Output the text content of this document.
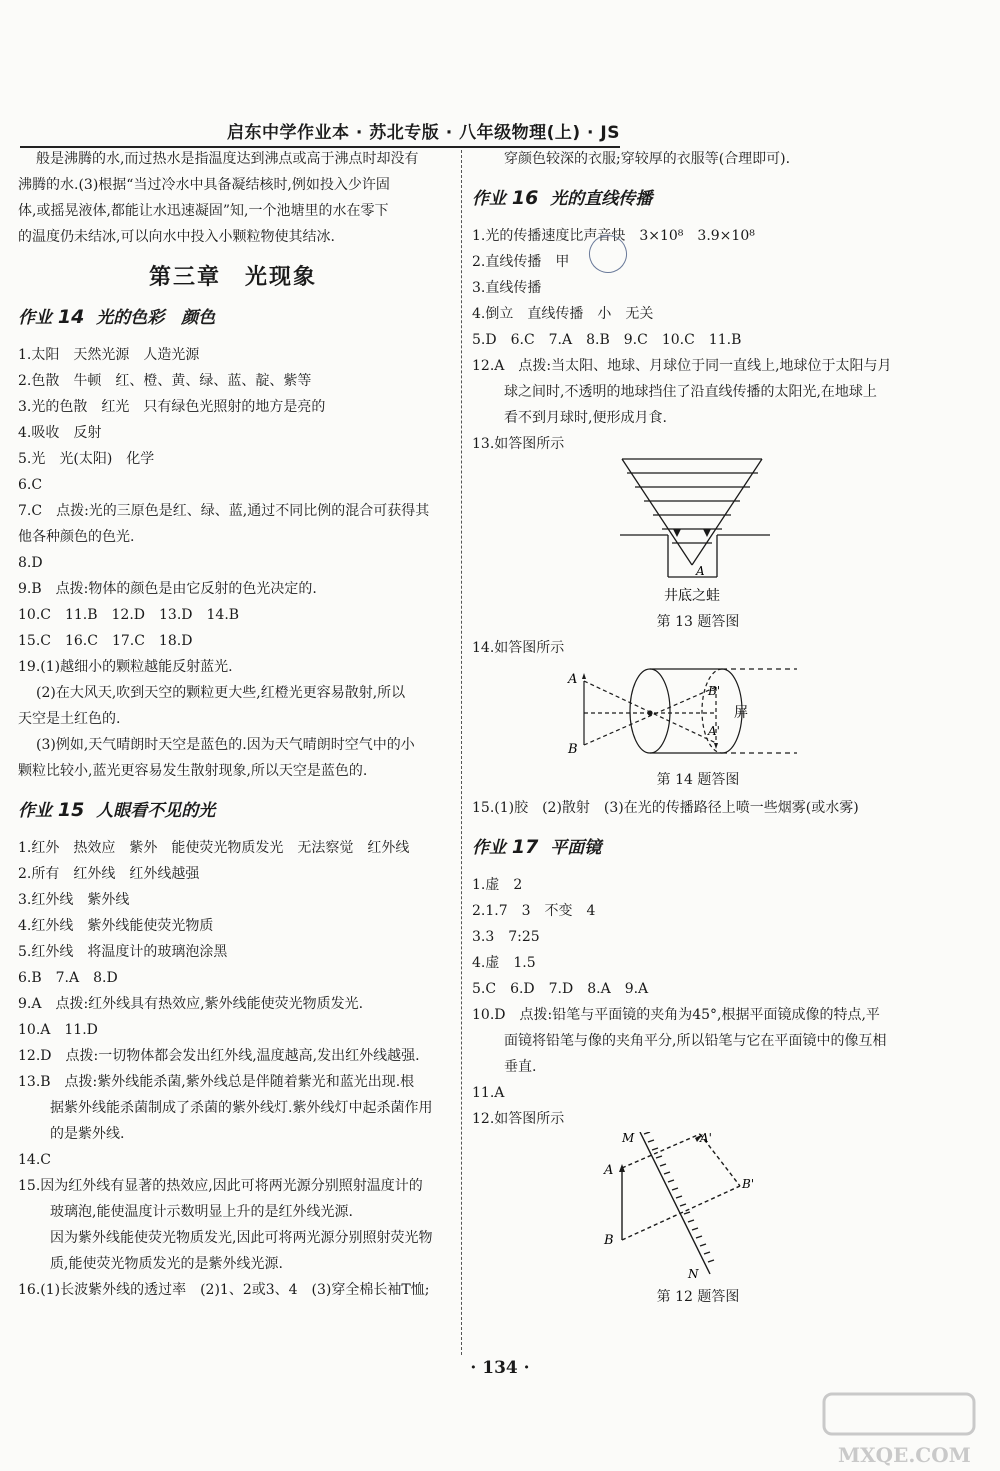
启东中学作业本 · 苏北专版 · 八年级物理(上) · JS
般是沸腾的水,而过热水是指温度达到沸点或高于沸点时却没有
沸腾的水.(3)根据“当过冷水中具备凝结核时,例如投入少许固
体,或摇晃液体,都能让水迅速凝固”知,一个池塘里的水在零下
的温度仍未结冰,可以向水中投入小颗粒物使其结冰.
第三章　光现象
作业 14 光的色彩　颜色
1.太阳　天然光源　人造光源
2.色散　牛顿　红、橙、黄、绿、蓝、靛、紫等
3.光的色散　红光　只有绿色光照射的地方是亮的
4.吸收　反射
5.光　光(太阳)　化学
6.C
7.C　点拨:光的三原色是红、绿、蓝,通过不同比例的混合可获得其
他各种颜色的色光.
8.D
9.B　点拨:物体的颜色是由它反射的色光决定的.
10.C　11.B　12.D　13.D　14.B
15.C　16.C　17.C　18.D
19.(1)越细小的颗粒越能反射蓝光.
(2)在大风天,吹到天空的颗粒更大些,红橙光更容易散射,所以
天空是土红色的.
(3)例如,天气晴朗时天空是蓝色的.因为天气晴朗时空气中的小
颗粒比较小,蓝光更容易发生散射现象,所以天空是蓝色的.
作业 15 人眼看不见的光
1.红外　热效应　紫外　能使荧光物质发光　无法察觉　红外线
2.所有　红外线　红外线越强
3.红外线　紫外线
4.红外线　紫外线能使荧光物质
5.红外线　将温度计的玻璃泡涂黑
6.B　7.A　8.D
9.A　点拨:红外线具有热效应,紫外线能使荧光物质发光.
10.A　11.D
12.D　点拨:一切物体都会发出红外线,温度越高,发出红外线越强.
13.B　点拨:紫外线能杀菌,紫外线总是伴随着紫光和蓝光出现.根
据紫外线能杀菌制成了杀菌的紫外线灯.紫外线灯中起杀菌作用
的是紫外线.
14.C
15.因为红外线有显著的热效应,因此可将两光源分别照射温度计的
玻璃泡,能使温度计示数明显上升的是红外线光源.
因为紫外线能使荧光物质发光,因此可将两光源分别照射荧光物
质,能使荧光物质发光的是紫外线光源.
16.(1)长波紫外线的透过率　(2)1、2或3、4　(3)穿全棉长袖T恤;
穿颜色较深的衣服;穿较厚的衣服等(合理即可).
作业 16 光的直线传播
1.光的传播速度比声音快　3×10⁸　3.9×10⁸
2.直线传播　甲
3.直线传播
4.倒立　直线传播　小　无关
5.D　6.C　7.A　8.B　9.C　10.C　11.B
12.A　点拨:当太阳、地球、月球位于同一直线上,地球位于太阳与月
球之间时,不透明的地球挡住了沿直线传播的太阳光,在地球上
看不到月球时,便形成月食.
13.如答图所示
A
井底之蛙
第 13 题答图
14.如答图所示
A
B
B'
A'
屏
第 14 题答图
15.(1)胶　(2)散射　(3)在光的传播路径上喷一些烟雾(或水雾)
作业 17 平面镜
1.虚　2
2.1.7　3　不变　4
3.3　7:25
4.虚　1.5
5.C　6.D　7.D　8.A　9.A
10.D　点拨:铅笔与平面镜的夹角为45°,根据平面镜成像的特点,平
面镜将铅笔与像的夹角平分,所以铅笔与它在平面镜中的像互相
垂直.
11.A
12.如答图所示
M
N
A
B
A'
B'
第 12 题答图
· 134 ·
MXQE.COM
